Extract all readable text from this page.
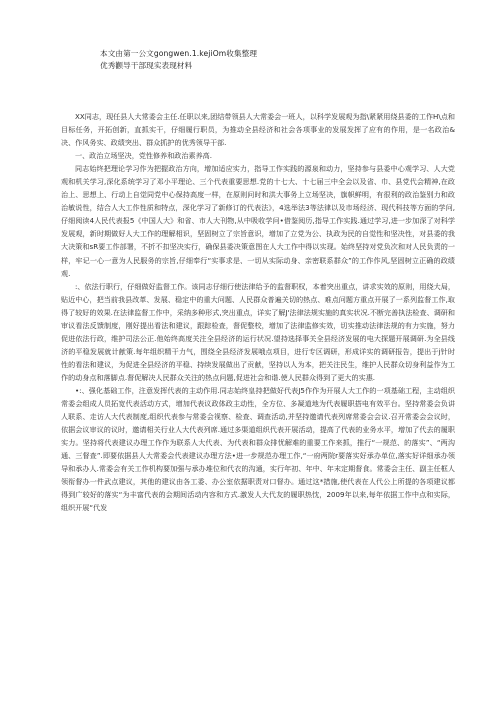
本文由第一公文gongwen.1.kejiOm收集整理
优秀颧导干部现实表现材料

XX同志，现任县人大常委会主任.任职以来,团结带领县人大常委会一班人，以科学发展观为指\紧紧用绕县委的工作H\点和目标任务，开拓创新，直抓实干，仔细履行职员，为推动全县经济和社会各项事业的发展发挥了应有的作用，是一名政治&决、作风务实、政绩突出、群众抓护的优秀领导干部.

一、政治立场坚决，党性修养和政治素养高.

同志始终把理论学习作为把握政治方向，增加适应实力，指导工作实践的源泉和动力，坚持参与县委中心观学习、人大党观和机关学习,深化系统学习了邓小平理论、三个代表重要思想.党的十七大、十七届三中全会以及省、巾、县党代会精神,在政治上、思想上、行动上自觉同党中心保持高度一样，在原则问时和洪大事务上立场坚决，旗帜鲜明，有很利的政治鉴别力和政治敏说性，结合人大工作性质和特点，深化学习了新修订的代表法》，4选举法3等法律以及市场经济、现代科技等方面的学问,仔细阅读4人民代表报5《中国人大》和省、市人大刊物,从中吸收学问•借鉴阅历,指导工作实践.通过学习,进一步加深了对科学发展观，新时期做好人大工作的理解相识，坚固树立了宗旨意识，增加了立党为公、执政为民的自觉性和坚决性，对县委的我大决策和sR要工作部署，不折不扣坚决实行，确保县委决策意图在人大工作中得以实现。始终坚持对党负次和对人民负责的一样，牢记一心一意为人民服务的宗旨,仔细奉行“实事求是、一切从实际动身、亲密联系群众”的工作作风,坚固树立正确的政绩观.

:、依法行职行，仔细做好监督工作。该同志仔细行使法律给予的监督职权，本着突出重点，讲求实效的原则，用绕大局，贴近中心，把当前我县改革、发展、稳定中的重大问题、人民群众普遍关切的热点、难点问题方重点开展了一系列监督工作,取得了较好的效果.在法律监督工作中，采纳多种形式,突出重点，详实了解J'法律法规实施的真实状况.不断完善执法检查、调研和审议看法反馈制度，刚好提出看法和建议，跟踪检查，督促整校，增加了法律监修实效，切实推动法律法规的有力实施，努力促进依法行政，维护司法公正.他始终高度关注全县经济的运行状况.望持选择事关全县经济发展的电大探题开展调研.为全县线济的平稳发展就计献策.每年组织精干力气，围绕全县经济发展哦点项目，进行专区调研，形成详实的调研报告，提出于j针时性的看法和建议，为促进全县经济的平稳、持续发展做出了贡献，坚持以人为本，把关注民生，维护人民群众切身利益作为工作的动身点和落脚点.督促解决人民群众关注的热点问题,促进社会和谐.使人民群众得到了更大的实惠.

•:、强化基础工作，注意发挥代表的主动作用.同志始终皇持把做好代表J5作作为开展人大工作的一项基础工程，主动组织常委会组成人员拓宽代表活动方式，增加代表议政体政主动性，全方位、多凝道地为代表履职搭电有效平台。坚持常委会负讲人联系、走访人大代表制度,组织代表参与常委会视察、检查、调查活动,并坚持邀请代表列席常委会会议.召开常委会会议时，依据会议审议的议时，邀请相关行业人大代表列席.通过多渠道组织代表开展活动，提高了代表的业务水平，增加了代去的履职实力。坚持将代表建议办理工作作为联系人大代表、为代表和群众排忧解难的重要工作来抓，推行“一规范、的落实”、“两沟通、三督查”.即要依据县人大常委会代表建议办理方法•进一步规范办理工作,“一府两院r要落实好承办单位,落实好详细承办领导和承办人.常委会有关工作机构要加强与承办堆位和代衣的沟通，实行年初、年中、年末定期督食。常委会主任、副主任框人领衔督办一件武点建议，其他的建议由各工委、办公室依据职责对口督办。通过这*措施,使代表在人代公上所提的各项建议都得到广较好的落实“为丰富代表的会期间活动内容和方式.激发人大代友的履职热忱，2009年以来,每年依据工作中点和实际，组织开展“代发
